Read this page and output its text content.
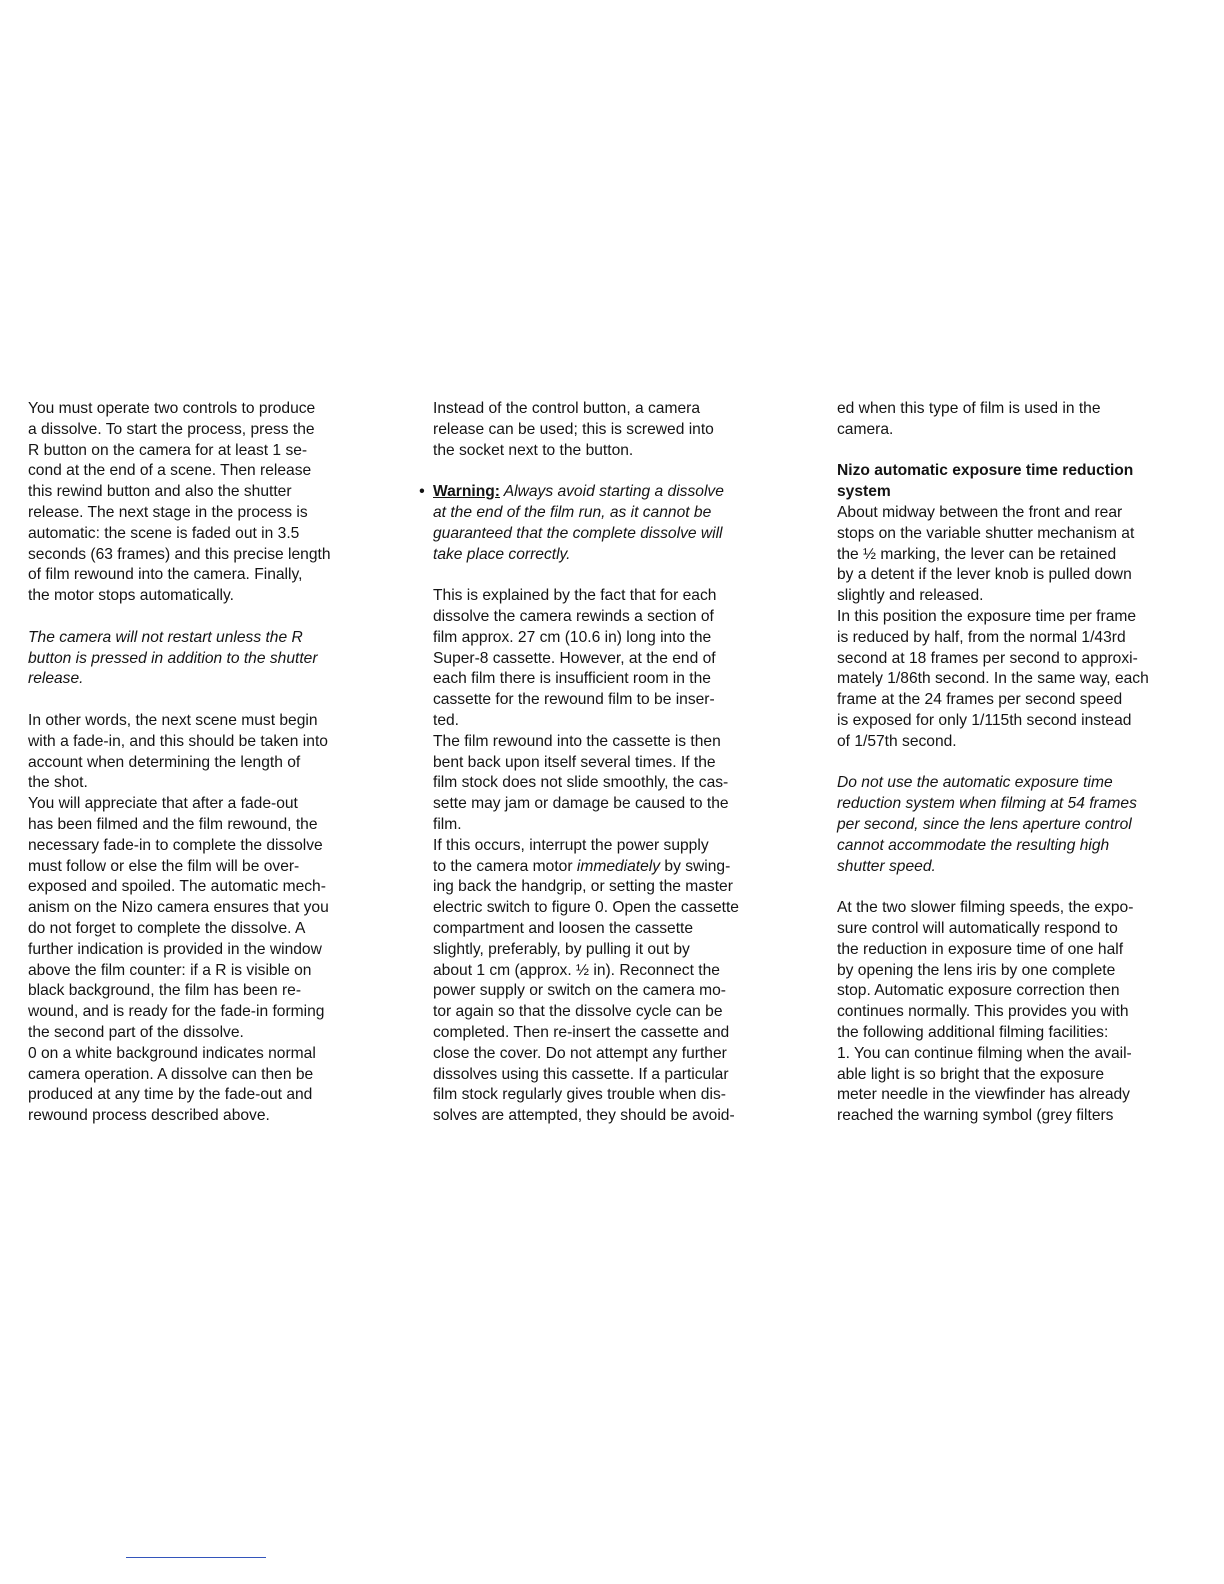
You must operate two controls to produce
a dissolve. To start the process, press the
R button on the camera for at least 1 se-
cond at the end of a scene. Then release
this rewind button and also the shutter
release. The next stage in the process is
automatic: the scene is faded out in 3.5
seconds (63 frames) and this precise length
of film rewound into the camera. Finally,
the motor stops automatically.

The camera will not restart unless the R
button is pressed in addition to the shutter
release.

In other words, the next scene must begin
with a fade-in, and this should be taken into
account when determining the length of
the shot.
You will appreciate that after a fade-out
has been filmed and the film rewound, the
necessary fade-in to complete the dissolve
must follow or else the film will be over-
exposed and spoiled. The automatic mech-
anism on the Nizo camera ensures that you
do not forget to complete the dissolve. A
further indication is provided in the window
above the film counter: if a R is visible on
black background, the film has been re-
wound, and is ready for the fade-in forming
the second part of the dissolve.
0 on a white background indicates normal
camera operation. A dissolve can then be
produced at any time by the fade-out and
rewound process described above.

Instead of the control button, a camera
release can be used; this is screwed into
the socket next to the button.

• Warning: Always avoid starting a dissolve
at the end of the film run, as it cannot be
guaranteed that the complete dissolve will
take place correctly.

This is explained by the fact that for each
dissolve the camera rewinds a section of
film approx. 27 cm (10.6 in) long into the
Super-8 cassette. However, at the end of
each film there is insufficient room in the
cassette for the rewound film to be inser-
ted.
The film rewound into the cassette is then
bent back upon itself several times. If the
film stock does not slide smoothly, the cas-
sette may jam or damage be caused to the
film.

If this occurs, interrupt the power supply
to the camera motor immediately by swing-
ing back the handgrip, or setting the master
electric switch to figure 0. Open the cassette
compartment and loosen the cassette
slightly, preferably, by pulling it out by
about 1 cm (approx. ½ in). Reconnect the
power supply or switch on the camera mo-
tor again so that the dissolve cycle can be
completed. Then re-insert the cassette and
close the cover. Do not attempt any further
dissolves using this cassette. If a particular
film stock regularly gives trouble when dis-
solves are attempted, they should be avoid-

ed when this type of film is used in the
camera.

Nizo automatic exposure time reduction
system

About midway between the front and rear
stops on the variable shutter mechanism at
the ½ marking, the lever can be retained
by a detent if the lever knob is pulled down
slightly and released.
In this position the exposure time per frame
is reduced by half, from the normal 1/43rd
second at 18 frames per second to approxi-
mately 1/86th second. In the same way, each
frame at the 24 frames per second speed
is exposed for only 1/115th second instead
of 1/57th second.

Do not use the automatic exposure time
reduction system when filming at 54 frames
per second, since the lens aperture control
cannot accommodate the resulting high
shutter speed.

At the two slower filming speeds, the expo-
sure control will automatically respond to
the reduction in exposure time of one half
by opening the lens iris by one complete
stop. Automatic exposure correction then
continues normally. This provides you with
the following additional filming facilities:
1. You can continue filming when the avail-
able light is so bright that the exposure
meter needle in the viewfinder has already
reached the warning symbol (grey filters
